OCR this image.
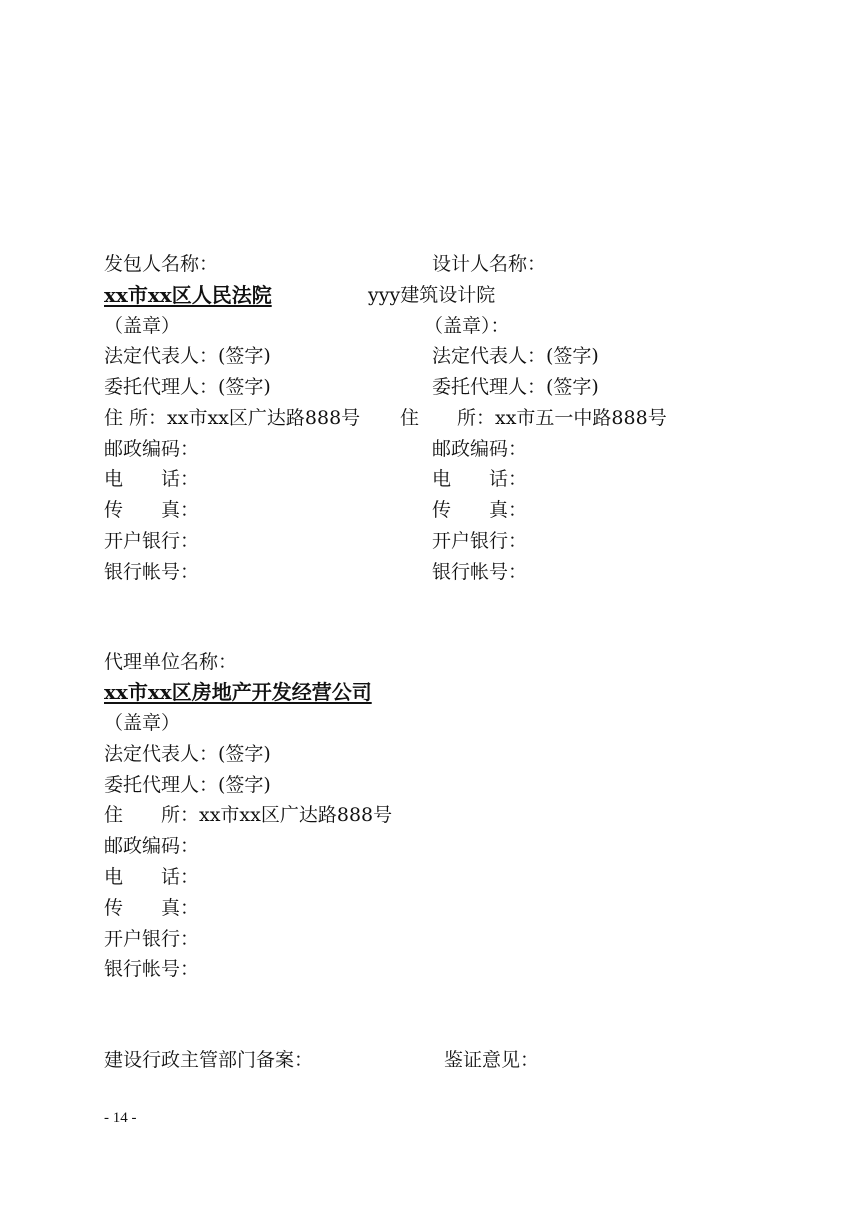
发包人名称：
xx市xx区人民法院
（盖章）
法定代表人：(签字)
委托代理人：(签字)
住 所：xx市xx区广达路888号
邮政编码：
电　　话：
传　　真：
开户银行：
银行帐号：
设计人名称：
yyy建筑设计院
（盖章）：
法定代表人：(签字)
委托代理人：(签字)
住　　所：xx市五一中路888号
邮政编码：
电　　话：
传　　真：
开户银行：
银行帐号：
代理单位名称：
xx市xx区房地产开发经营公司
（盖章）
法定代表人：(签字)
委托代理人：(签字)
住　　所：xx市xx区广达路888号
邮政编码：
电　　话：
传　　真：
开户银行：
银行帐号：
建设行政主管部门备案：	鉴证意见：
- 14 -
